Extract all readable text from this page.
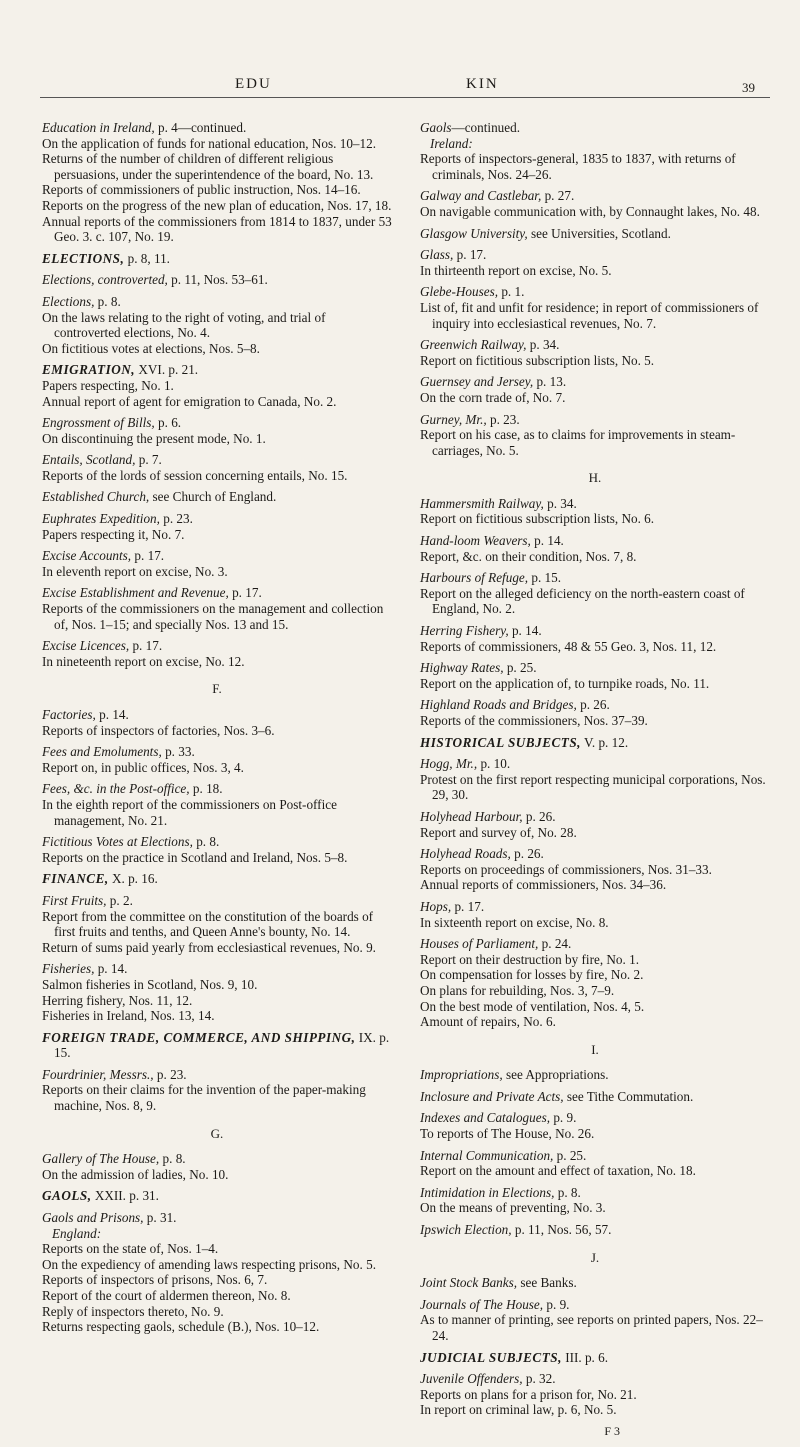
EDU	KIN	39
Education in Ireland, p. 4—continued.
On the application of funds for national education, Nos. 10–12.
Returns of the number of children of different religious persuasions, under the superintendence of the board, No. 13.
Reports of commissioners of public instruction, Nos. 14–16.
Reports on the progress of the new plan of education, Nos. 17, 18.
Annual reports of the commissioners from 1814 to 1837, under 53 Geo. 3. c. 107, No. 19.
ELECTIONS, p. 8, 11.
Elections, controverted, p. 11, Nos. 53–61.
Elections, p. 8.
On the laws relating to the right of voting, and trial of controverted elections, No. 4.
On fictitious votes at elections, Nos. 5–8.
EMIGRATION, XVI. p. 21.
Papers respecting, No. 1.
Annual report of agent for emigration to Canada, No. 2.
Engrossment of Bills, p. 6.
On discontinuing the present mode, No. 1.
Entails, Scotland, p. 7.
Reports of the lords of session concerning entails, No. 15.
Established Church, see Church of England.
Euphrates Expedition, p. 23.
Papers respecting it, No. 7.
Excise Accounts, p. 17.
In eleventh report on excise, No. 3.
Excise Establishment and Revenue, p. 17.
Reports of the commissioners on the management and collection of, Nos. 1–15; and specially Nos. 13 and 15.
Excise Licences, p. 17.
In nineteenth report on excise, No. 12.
F.
Factories, p. 14.
Reports of inspectors of factories, Nos. 3–6.
Fees and Emoluments, p. 33.
Report on, in public offices, Nos. 3, 4.
Fees, &c. in the Post-office, p. 18.
In the eighth report of the commissioners on Post-office management, No. 21.
Fictitious Votes at Elections, p. 8.
Reports on the practice in Scotland and Ireland, Nos. 5–8.
FINANCE, X. p. 16.
First Fruits, p. 2.
Report from the committee on the constitution of the boards of first fruits and tenths, and Queen Anne's bounty, No. 14.
Return of sums paid yearly from ecclesiastical revenues, No. 9.
Fisheries, p. 14.
Salmon fisheries in Scotland, Nos. 9, 10.
Herring fishery, Nos. 11, 12.
Fisheries in Ireland, Nos. 13, 14.
FOREIGN TRADE, COMMERCE, AND SHIPPING, IX. p. 15.
Fourdrinier, Messrs., p. 23.
Reports on their claims for the invention of the paper-making machine, Nos. 8, 9.
G.
Gallery of The House, p. 8.
On the admission of ladies, No. 10.
GAOLS, XXII. p. 31.
Gaols and Prisons, p. 31.
England:
Reports on the state of, Nos. 1–4.
On the expediency of amending laws respecting prisons, No. 5.
Reports of inspectors of prisons, Nos. 6, 7.
Report of the court of aldermen thereon, No. 8.
Reply of inspectors thereto, No. 9.
Returns respecting gaols, schedule (B.), Nos. 10–12.
Gaols—continued.
Ireland:
Reports of inspectors-general, 1835 to 1837, with returns of criminals, Nos. 24–26.
Galway and Castlebar, p. 27.
On navigable communication with, by Connaught lakes, No. 48.
Glasgow University, see Universities, Scotland.
Glass, p. 17.
In thirteenth report on excise, No. 5.
Glebe-Houses, p. 1.
List of, fit and unfit for residence; in report of commissioners of inquiry into ecclesiastical revenues, No. 7.
Greenwich Railway, p. 34.
Report on fictitious subscription lists, No. 5.
Guernsey and Jersey, p. 13.
On the corn trade of, No. 7.
Gurney, Mr., p. 23.
Report on his case, as to claims for improvements in steam-carriages, No. 5.
H.
Hammersmith Railway, p. 34.
Report on fictitious subscription lists, No. 6.
Hand-loom Weavers, p. 14.
Report, &c. on their condition, Nos. 7, 8.
Harbours of Refuge, p. 15.
Report on the alleged deficiency on the north-eastern coast of England, No. 2.
Herring Fishery, p. 14.
Reports of commissioners, 48 & 55 Geo. 3, Nos. 11, 12.
Highway Rates, p. 25.
Report on the application of, to turnpike roads, No. 11.
Highland Roads and Bridges, p. 26.
Reports of the commissioners, Nos. 37–39.
HISTORICAL SUBJECTS, V. p. 12.
Hogg, Mr., p. 10.
Protest on the first report respecting municipal corporations, Nos. 29, 30.
Holyhead Harbour, p. 26.
Report and survey of, No. 28.
Holyhead Roads, p. 26.
Reports on proceedings of commissioners, Nos. 31–33.
Annual reports of commissioners, Nos. 34–36.
Hops, p. 17.
In sixteenth report on excise, No. 8.
Houses of Parliament, p. 24.
Report on their destruction by fire, No. 1.
On compensation for losses by fire, No. 2.
On plans for rebuilding, Nos. 3, 7–9.
On the best mode of ventilation, Nos. 4, 5.
Amount of repairs, No. 6.
I.
Impropriations, see Appropriations.
Inclosure and Private Acts, see Tithe Commutation.
Indexes and Catalogues, p. 9.
To reports of The House, No. 26.
Internal Communication, p. 25.
Report on the amount and effect of taxation, No. 18.
Intimidation in Elections, p. 8.
On the means of preventing, No. 3.
Ipswich Election, p. 11, Nos. 56, 57.
J.
Joint Stock Banks, see Banks.
Journals of The House, p. 9.
As to manner of printing, see reports on printed papers, Nos. 22–24.
JUDICIAL SUBJECTS, III. p. 6.
Juvenile Offenders, p. 32.
Reports on plans for a prison for, No. 21.
In report on criminal law, p. 6, No. 5.
F 3
